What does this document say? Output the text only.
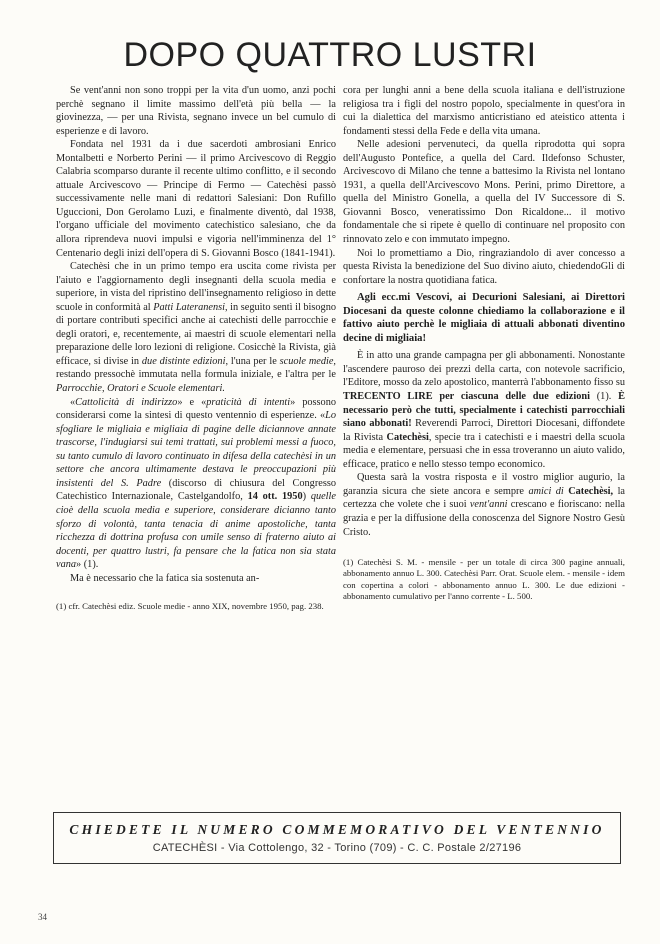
DOPO QUATTRO LUSTRI

Se vent'anni non sono troppi per la vita d'un uomo, anzi pochi perchè segnano il limite massimo dell'età più bella — la giovinezza, — per una Rivista, segnano invece un bel cumulo di esperienze e di lavoro.

Fondata nel 1931 da i due sacerdoti ambrosiani Enrico Montalbetti e Norberto Perini — il primo Arcivescovo di Reggio Calabria scomparso durante il recente ultimo conflitto, e il secondo attuale Arcivescovo — Principe di Fermo — Catechèsi passò successivamente nelle mani di redattori Salesiani: Don Rufillo Uguccioni, Don Gerolamo Luzi, e finalmente diventò, dal 1938, l'organo ufficiale del movimento catechistico salesiano, che da allora riprendeva nuovi impulsi e vigoria nell'imminenza del 1° Centenario degli inizi dell'opera di S. Giovanni Bosco (1841-1941).

Catechèsi che in un primo tempo era uscita come rivista per l'aiuto e l'aggiornamento degli insegnanti della scuola media e superiore, in vista del ripristino dell'insegnamento religioso in dette scuole in conformità al Patti Lateranensi, in seguito sentì il bisogno di portare contributi specifici anche ai catechisti delle parrocchie e degli oratori, e, recentemente, ai maestri di scuole elementari nella preparazione delle loro lezioni di religione. Cosicchè la Rivista, già efficace, si divise in due distinte edizioni, l'una per le scuole medie, restando pressochè immutata nella formula iniziale, e l'altra per le Parrocchie, Oratori e Scuole elementari.

«Cattolicità di indirizzo» e «praticità di intenti» possono considerarsi come la sintesi di questo ventennio di esperienze. «Lo sfogliare le migliaia e migliaia di pagine delle diciannove annate trascorse, l'indugiarsi sui temi trattati, sui problemi messi a fuoco, su tanto cumulo di lavoro continuato in difesa della catechèsi in un settore che ancora ultimamente destava le preoccupazioni più insistenti del S. Padre (discorso di chiusura del Congresso Catechistico Internazionale, Castelgandolfo, 14 ott. 1950) quelle cioè della scuola media e superiore, considerare dicianno tanto sforzo di volontà, tanta tenacia di anime apostoliche, tanta ricchezza di dottrina profusa con umile senso di fraterno aiuto ai docenti, per quattro lustri, fa pensare che la fatica non sia stata vana» (1).

Ma è necessario che la fatica sia sostenuta an-

(1) cfr. Catechèsi ediz. Scuole medie - anno XIX, novembre 1950, pag. 238.

cora per lunghi anni a bene della scuola italiana e dell'istruzione religiosa tra i figli del nostro popolo, specialmente in quest'ora in cui la dialettica del marxismo anticristiano ed ateistico attenta i fondamenti stessi della Fede e della vita umana.

Nelle adesioni pervenuteci, da quella riprodotta qui sopra dell'Augusto Pontefice, a quella del Card. Ildefonso Schuster, Arcivescovo di Milano che tenne a battesimo la Rivista nel lontano 1931, a quella dell'Arcivescovo Mons. Perini, primo Direttore, a quella del Ministro Gonella, a quella del IV Successore di S. Giovanni Bosco, veneratissimo Don Ricaldone... il motivo fondamentale che si ripete è quello di continuare nel proposito con rinnovato zelo e con immutato impegno.

Noi lo promettiamo a Dio, ringraziandolo di aver concesso a questa Rivista la benedizione del Suo divino aiuto, chiedendoGli di confortare la nostra quotidiana fatica.

Agli ecc.mi Vescovi, ai Decurioni Salesiani, ai Direttori Diocesani da queste colonne chiediamo la collaborazione e il fattivo aiuto perchè le migliaia di attuali abbonati diventino decine di migliaia!

È in atto una grande campagna per gli abbonamenti. Nonostante l'ascendere pauroso dei prezzi della carta, con notevole sacrificio, l'Editore, mosso da zelo apostolico, manterrà l'abbonamento fisso su TRECENTO LIRE per ciascuna delle due edizioni (1). È necessario però che tutti, specialmente i catechisti parrocchiali siano abbonati! Reverendi Parroci, Direttori Diocesani, diffondete la Rivista Catechèsi, specie tra i catechisti e i maestri della scuola media e elementare, persuasi che in essa troveranno un aiuto valido, efficace, pratico e nello stesso tempo economico.

Questa sarà la vostra risposta e il vostro miglior augurio, la garanzia sicura che siete ancora e sempre amici di Catechèsi, la certezza che volete che i suoi vent'anni crescano e fioriscano: nella grazia e per la diffusione della conoscenza del Signore Nostro Gesù Cristo.

(1) Catechèsi S. M. - mensile - per un totale di circa 300 pagine annuali, abbonamento annuo L. 300. Catechèsi Parr. Orat. Scuole elem. - mensile - idem con copertina a colori - abbonamento annuo L. 300. Le due edizioni - abbonamento cumulativo per l'anno corrente - L. 500.
CHIEDETE IL NUMERO COMMEMORATIVO DEL VENTENNIO
CATECHÈSI - Via Cottolengo, 32 - Torino (709) - C. C. Postale 2/27196
34
